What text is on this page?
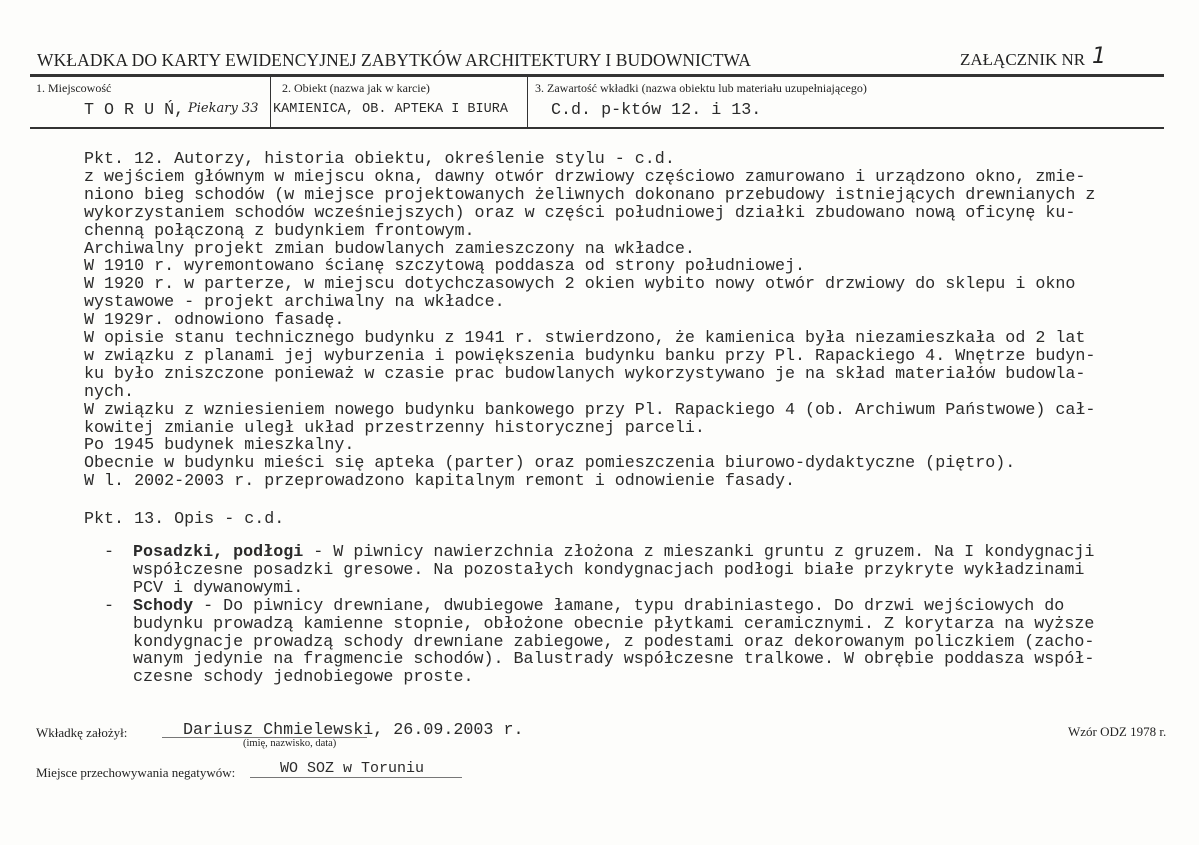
WKŁADKA DO KARTY EWIDENCYJNEJ ZABYTKÓW ARCHITEKTURY I BUDOWNICTWA	ZAŁĄCZNIK NR 1
1. Miejscowość
T O R U Ń, Piekary 33
2. Obiekt (nazwa jak w karcie)
KAMIENICA, OB. APTEKA I BIURA
3. Zawartość wkładki (nazwa obiektu lub materiału uzupełniającego)
C.d. p-któw 12. i 13.
Pkt. 12. Autorzy, historia obiektu, określenie stylu - c.d.
z wejściem głównym w miejscu okna, dawny otwór drzwiowy częściowo zamurowano i urządzono okno, zmie-
niono bieg schodów (w miejsce projektowanych żeliwnych dokonano przebudowy istniejących drewnianych z
wykorzystaniem schodów wcześniejszych) oraz w części południowej działki zbudowano nową oficynę ku-
chenną połączoną z budynkiem frontowym.
Archiwalny projekt zmian budowlanych zamieszczony na wkładce.
W 1910 r. wyremontowano ścianę szczytową poddasza od strony południowej.
W 1920 r. w parterze, w miejscu dotychczasowych 2 okien wybito nowy otwór drzwiowy do sklepu i okno
wystawowe - projekt archiwalny na wkładce.
W 1929r. odnowiono fasadę.
W opisie stanu technicznego budynku z 1941 r. stwierdzono, że kamienica była niezamieszkała od 2 lat
w związku z planami jej wyburzenia i powiększenia budynku banku przy Pl. Rapackiego 4. Wnętrze budyn-
ku było zniszczone ponieważ w czasie prac budowlanych wykorzystywano je na skład materiałów budowla-
nych.
W związku z wzniesieniem nowego budynku bankowego przy Pl. Rapackiego 4 (ob. Archiwum Państwowe) cał-
kowitej zmianie uległ układ przestrzenny historycznej parceli.
Po 1945 budynek mieszkalny.
Obecnie w budynku mieści się apteka (parter) oraz pomieszczenia biurowo-dydaktyczne (piętro).
W l. 2002-2003 r. przeprowadzono kapitalnym remont i odnowienie fasady.
Pkt. 13. Opis - c.d.
- Posadzki, podłogi - W piwnicy nawierzchnia złożona z mieszanki gruntu z gruzem. Na I kondygnacji
współczesne posadzki gresowe. Na pozostałych kondygnacjach podłogi białe przykryte wykładzinami
PCV i dywanowymi.
- Schody - Do piwnicy drewniane, dwubiegowe łamane, typu drabiniastego. Do drzwi wejściowych do
budynku prowadzą kamienne stopnie, obłożone obecnie płytkami ceramicznymi. Z korytarza na wyższe
kondygnacje prowadzą schody drewniane zabiegowe, z podestami oraz dekorowanym policzkiem (zacho-
wanym jedynie na fragmencie schodów). Balustrady współczesne tralkowe. W obrębie poddasza współ-
czesne schody jednobiegowe proste.
Wkładkę założył:	Dariusz Chmielewski, 26.09.2003 r.
(imię, nazwisko, data)
Miejsce przechowywania negatywów:	WO SOZ w Toruniu
Wzór ODZ 1978 r.
